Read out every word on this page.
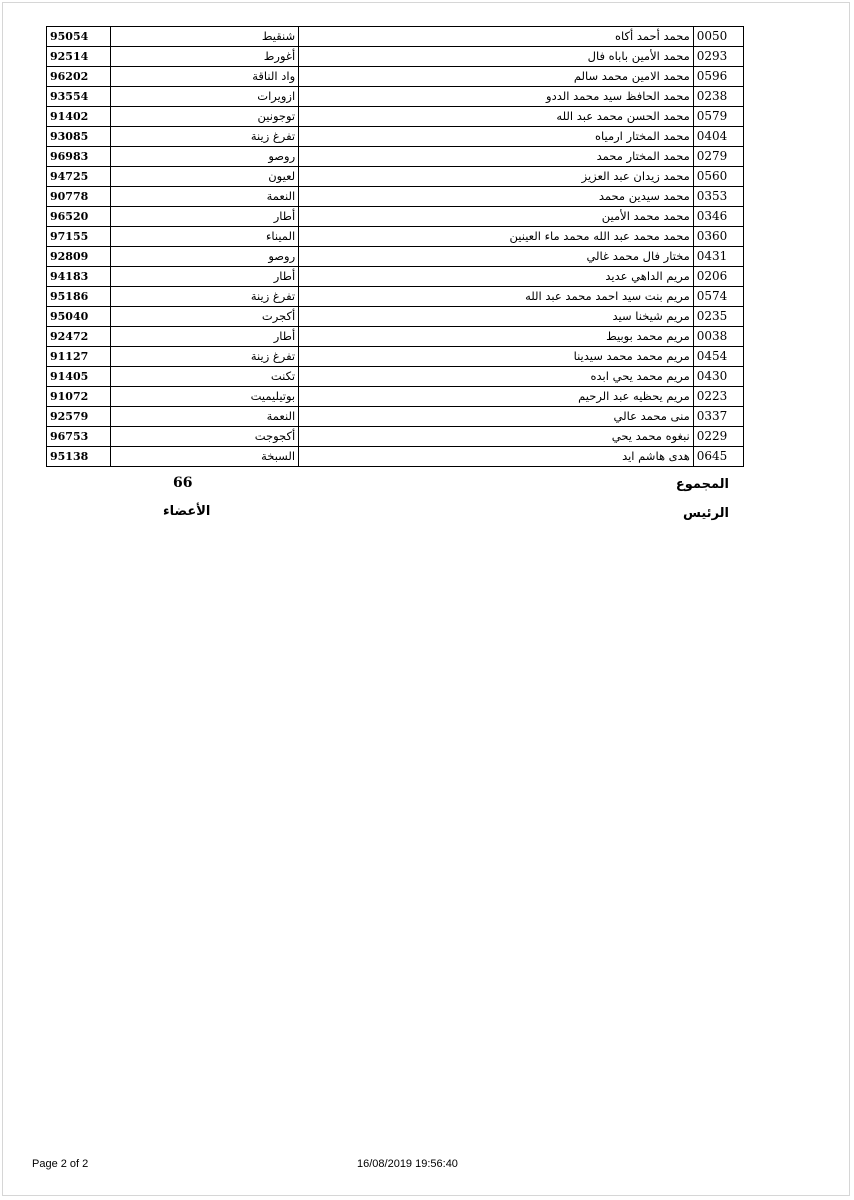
95054	شنقيط	محمد أحمد أكاه	0050
92514	أغورط	محمد الأمين باباه فال	0293
96202	واد الناقة	محمد الامين محمد سالم	0596
93554	ازويرات	محمد الحافظ سيد محمد الددو	0238
91402	توجونين	محمد الحسن محمد عبد الله	0579
93085	تفرغ زينة	محمد المختار ارمياه	0404
96983	روصو	محمد المختار محمد	0279
94725	لعيون	محمد زيدان عبد العزيز	0560
90778	النعمة	محمد سيدين محمد	0353
96520	أطار	محمد محمد الأمين	0346
97155	الميناء	محمد محمد عبد الله محمد ماء العينين	0360
92809	روصو	مختار فال محمد غالي	0431
94183	أطار	مريم الداهي عديد	0206
95186	تفرغ زينة	مريم بنت سيد احمد محمد عبد الله	0574
95040	أكجرت	مريم شيخنا سيد	0235
92472	أطار	مريم محمد بوبيط	0038
91127	تفرغ زينة	مريم محمد محمد سيدينا	0454
91405	تكنت	مريم محمد يحي ابده	0430
91072	بوتيليميت	مريم يحظيه عبد الرحيم	0223
92579	النعمة	منى محمد عالي	0337
96753	أكجوجت	نبغوه محمد يحي	0229
95138	السبخة	هدى هاشم ايد	0645
المجموع
66
الرئيس
الأعضاء
Page 2 of 2	16/08/2019 19:56:40
